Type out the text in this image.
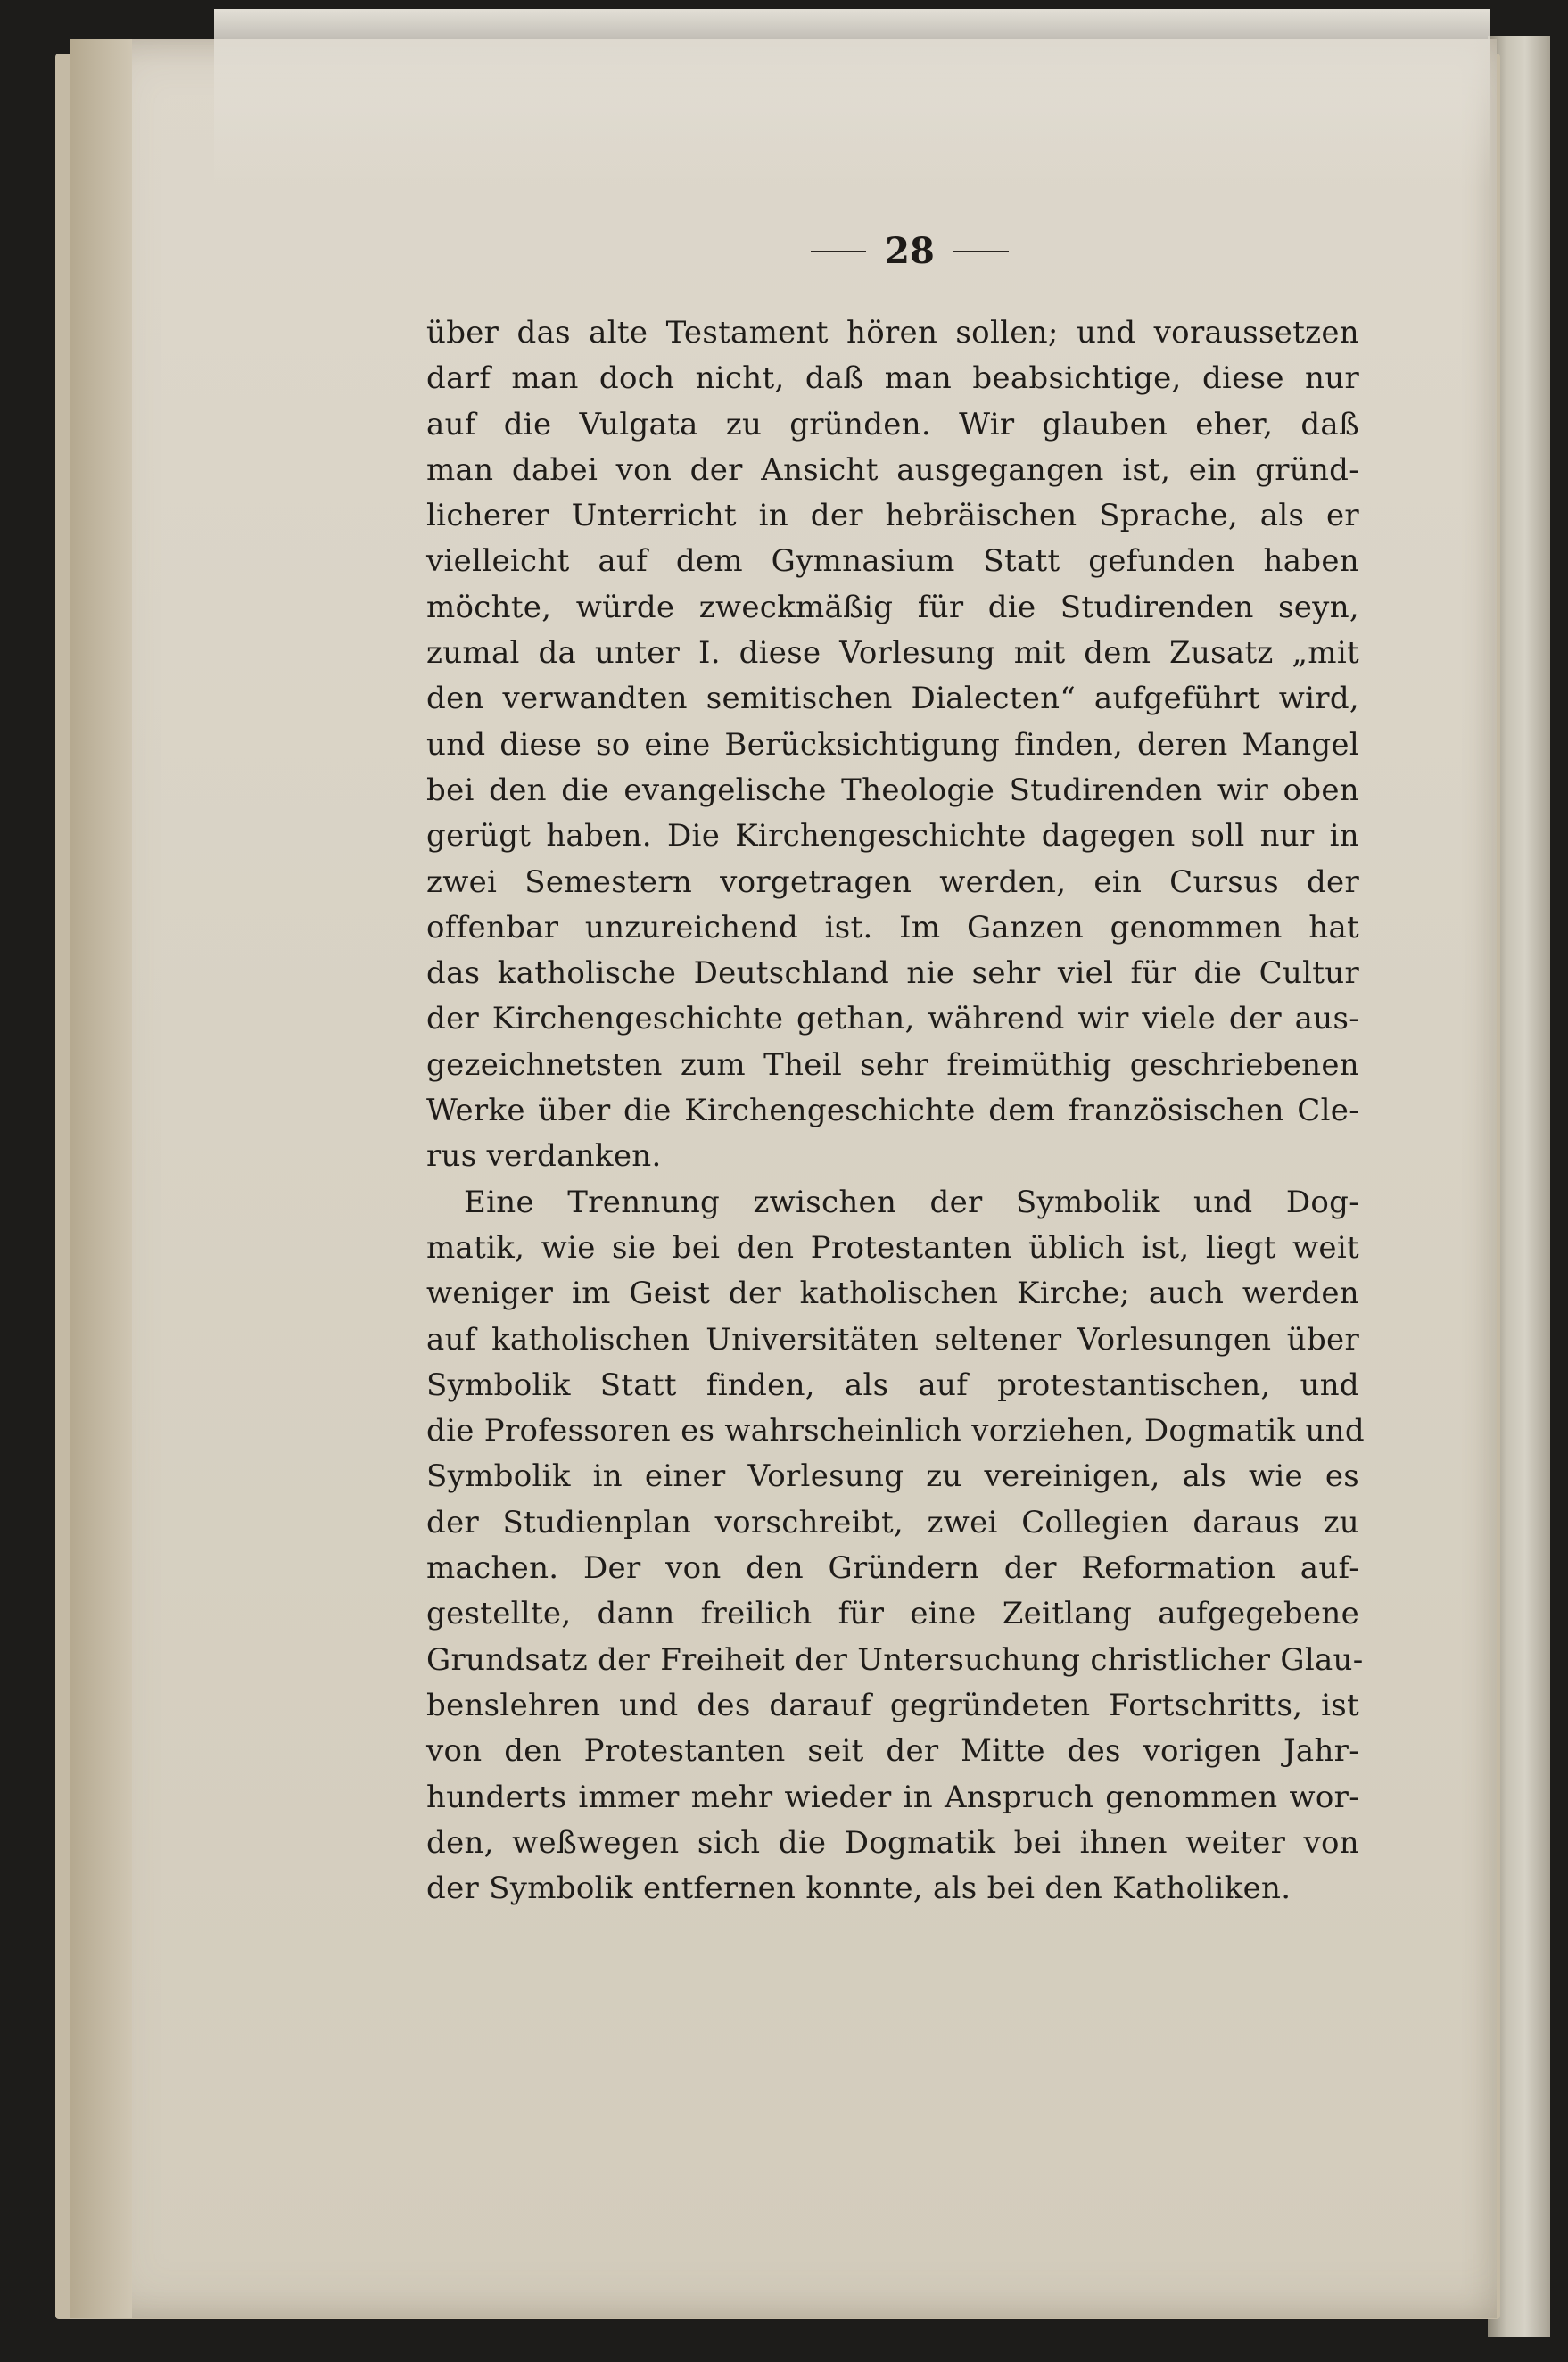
28
über das alte Testament hören sollen; und voraussetzen
darf man doch nicht, daß man beabsichtige, diese nur
auf die Vulgata zu gründen. Wir glauben eher, daß
man dabei von der Ansicht ausgegangen ist, ein gründ-
licherer Unterricht in der hebräischen Sprache, als er
vielleicht auf dem Gymnasium Statt gefunden haben
möchte, würde zweckmäßig für die Studirenden seyn,
zumal da unter I. diese Vorlesung mit dem Zusatz „mit
den verwandten semitischen Dialecten“ aufgeführt wird,
und diese so eine Berücksichtigung finden, deren Mangel
bei den die evangelische Theologie Studirenden wir oben
gerügt haben. Die Kirchengeschichte dagegen soll nur in
zwei Semestern vorgetragen werden, ein Cursus der
offenbar unzureichend ist. Im Ganzen genommen hat
das katholische Deutschland nie sehr viel für die Cultur
der Kirchengeschichte gethan, während wir viele der aus-
gezeichnetsten zum Theil sehr freimüthig geschriebenen
Werke über die Kirchengeschichte dem französischen Cle-
rus verdanken.
Eine Trennung zwischen der Symbolik und Dog-
matik, wie sie bei den Protestanten üblich ist, liegt weit
weniger im Geist der katholischen Kirche; auch werden
auf katholischen Universitäten seltener Vorlesungen über
Symbolik Statt finden, als auf protestantischen, und
die Professoren es wahrscheinlich vorziehen, Dogmatik und
Symbolik in einer Vorlesung zu vereinigen, als wie es
der Studienplan vorschreibt, zwei Collegien daraus zu
machen. Der von den Gründern der Reformation auf-
gestellte, dann freilich für eine Zeitlang aufgegebene
Grundsatz der Freiheit der Untersuchung christlicher Glau-
benslehren und des darauf gegründeten Fortschritts, ist
von den Protestanten seit der Mitte des vorigen Jahr-
hunderts immer mehr wieder in Anspruch genommen wor-
den, weßwegen sich die Dogmatik bei ihnen weiter von
der Symbolik entfernen konnte, als bei den Katholiken.
